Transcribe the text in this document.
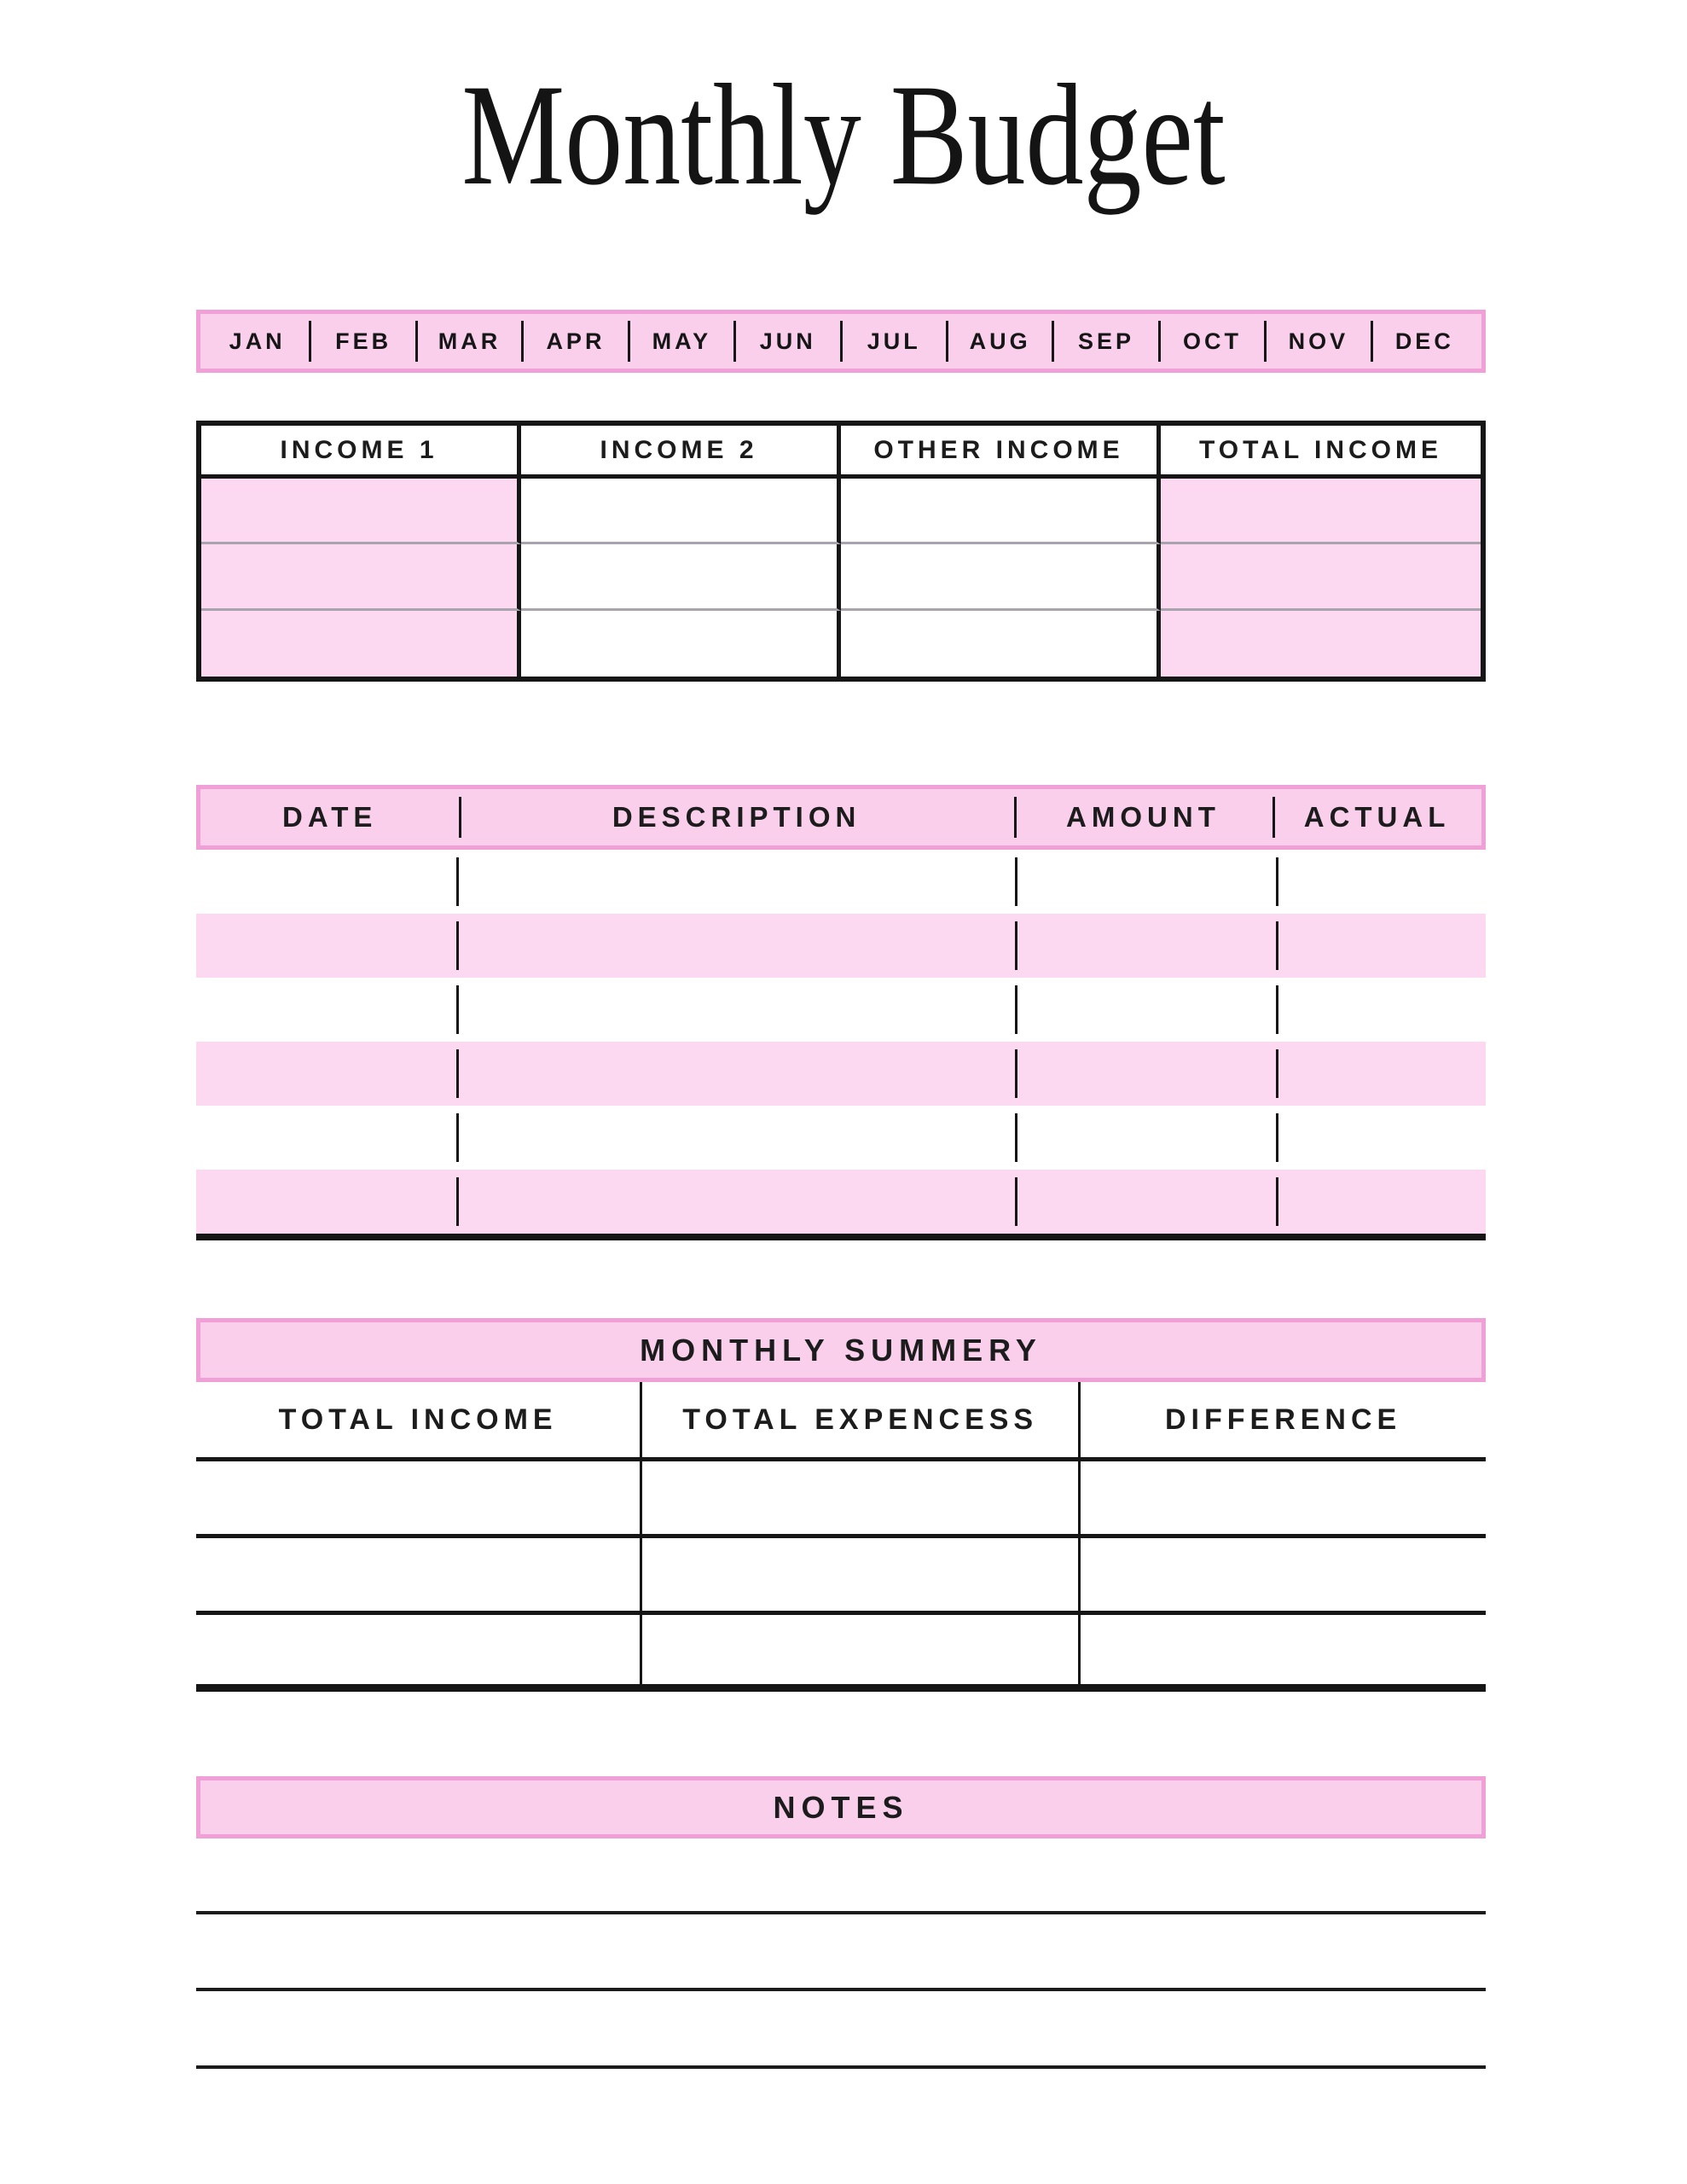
Monthly Budget
JAN FEB MAR APR MAY JUN JUL AUG SEP OCT NOV DEC
INCOME 1	INCOME 2	OTHER INCOME	TOTAL INCOME
DATE	DESCRIPTION	AMOUNT	ACTUAL
MONTHLY SUMMERY
TOTAL INCOME	TOTAL EXPENCESS	DIFFERENCE
NOTES
